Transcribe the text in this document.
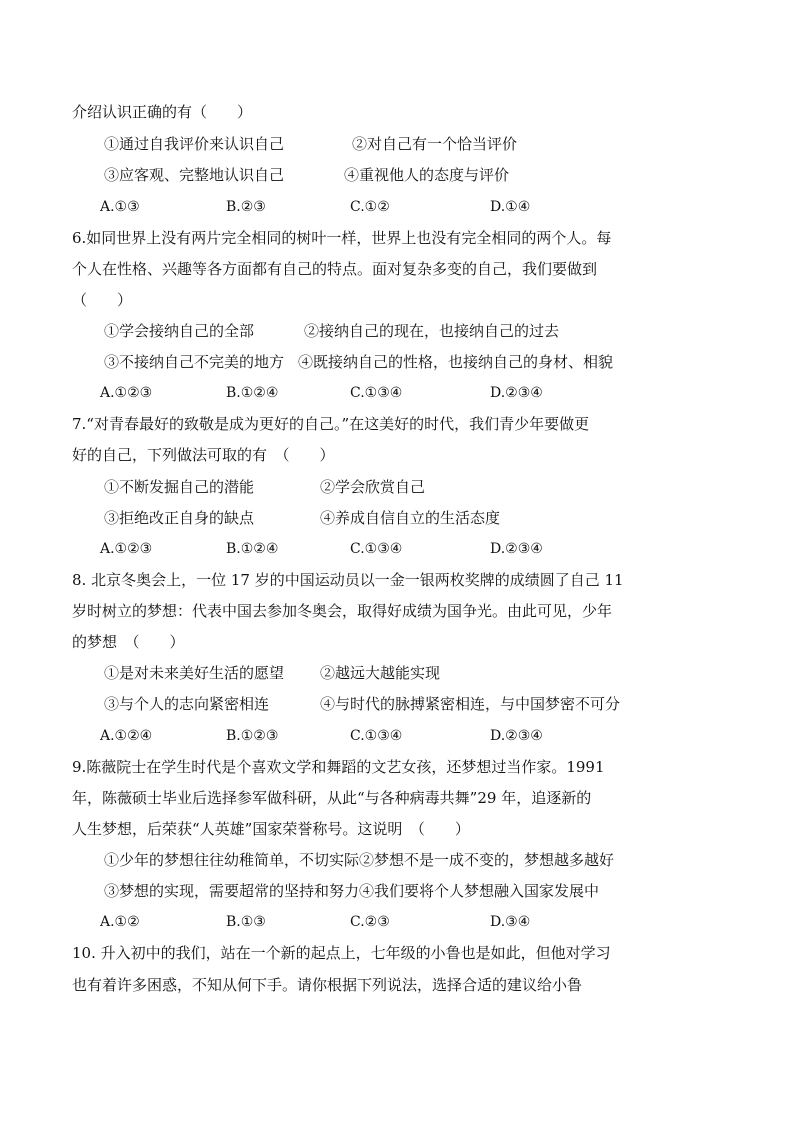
介绍认识正确的有（　　）
①通过自我评价来认识自己	②对自己有一个恰当评价
③应客观、完整地认识自己	④重视他人的态度与评价
A.①③	B.②③	C.①②	D.①④
6.如同世界上没有两片完全相同的树叶一样，世界上也没有完全相同的两个人。每
个人在性格、兴趣等各方面都有自己的特点。面对复杂多变的自己，我们要做到
（　　）
①学会接纳自己的全部	②接纳自己的现在，也接纳自己的过去
③不接纳自己不完美的地方 ④既接纳自己的性格，也接纳自己的身材、相貌
A.①②③	B.①②④	C.①③④	D.②③④
7.“对青春最好的致敬是成为更好的自己。”在这美好的时代，我们青少年要做更
好的自己，下列做法可取的有　（　　）
①不断发掘自己的潜能	②学会欣赏自己
③拒绝改正自身的缺点	④养成自信自立的生活态度
A.①②③	B.①②④	C.①③④	D.②③④
8. 北京冬奥会上，一位 17 岁的中国运动员以一金一银两枚奖牌的成绩圆了自己 11
岁时树立的梦想：代表中国去参加冬奥会，取得好成绩为国争光。由此可见，少年
的梦想　（　　）
①是对未来美好生活的愿望 ②越远大越能实现
③与个人的志向紧密相连	④与时代的脉搏紧密相连，与中国梦密不可分
A.①②④	B.①②③	C.①③④	D.②③④
9.陈薇院士在学生时代是个喜欢文学和舞蹈的文艺女孩，还梦想过当作家。1991
年，陈薇硕士毕业后选择参军做科研，从此“与各种病毒共舞”29 年，追逐新的
人生梦想，后荣获“人英雄”国家荣誉称号。这说明　（　　）
①少年的梦想往往幼稚简单，不切实际②梦想不是一成不变的，梦想越多越好
③梦想的实现，需要超常的坚持和努力④我们要将个人梦想融入国家发展中
A.①②	B.①③	C.②③	D.③④
10. 升入初中的我们，站在一个新的起点上，七年级的小鲁也是如此，但他对学习
也有着许多困惑，不知从何下手。请你根据下列说法，选择合适的建议给小鲁
